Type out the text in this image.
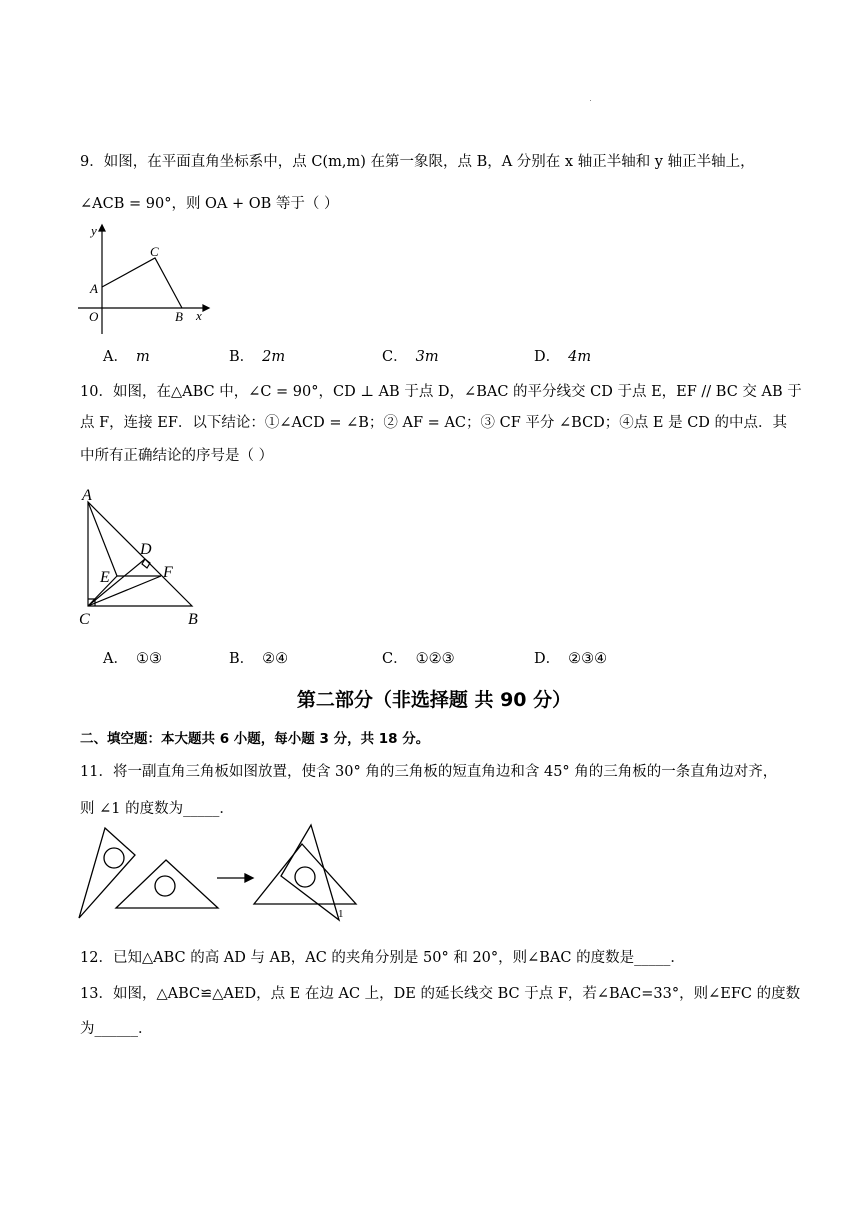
9．如图，在平面直角坐标系中，点 C(m,m) 在第一象限，点 B，A 分别在 x 轴正半轴和 y 轴正半轴上，
∠ACB = 90°，则 OA + OB 等于（ ）
y
x
O
A
B
C
A． m	B． 2m	C． 3m	D． 4m
10．如图，在△ABC 中，∠C = 90°，CD ⊥ AB 于点 D，∠BAC 的平分线交 CD 于点 E，EF // BC 交 AB 于
点 F，连接 EF．以下结论：①∠ACD = ∠B；② AF = AC；③ CF 平分 ∠BCD；④点 E 是 CD 的中点．其
中所有正确结论的序号是（ ）
A
C	B
D
E	F
A． ①③	B． ②④	C． ①②③	D． ②③④
第二部分（非选择题 共 90 分）
二、填空题：本大题共 6 小题，每小题 3 分，共 18 分。
11．将一副直角三角板如图放置，使含 30° 角的三角板的短直角边和含 45° 角的三角板的一条直角边对齐，
则 ∠1 的度数为_____．
1
12．已知△ABC 的高 AD 与 AB，AC 的夹角分别是 50° 和 20°，则∠BAC 的度数是_____．
13．如图，△ABC≌△AED，点 E 在边 AC 上，DE 的延长线交 BC 于点 F，若∠BAC=33°，则∠EFC 的度数
为______．
